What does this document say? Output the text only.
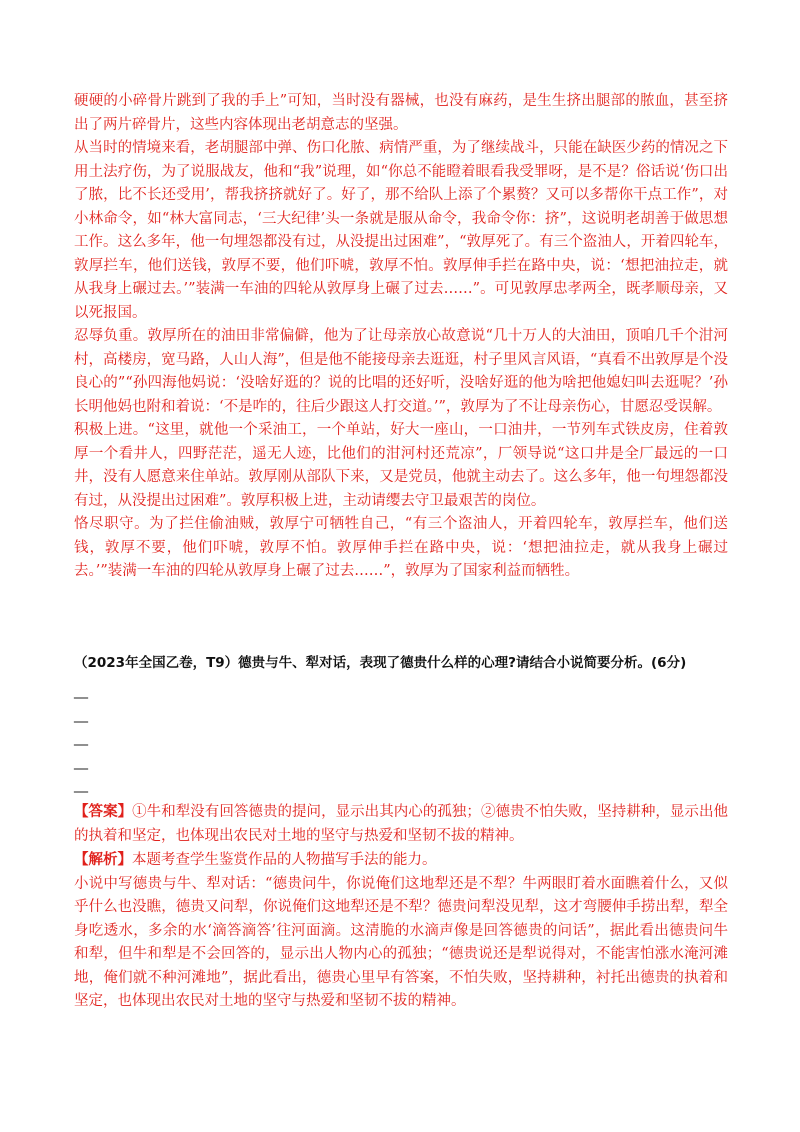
硬硬的小碎骨片跳到了我的手上”可知，当时没有器械，也没有麻药，是生生挤出腿部的脓血，甚至挤出了两片碎骨片，这些内容体现出老胡意志的坚强。

从当时的情境来看，老胡腿部中弹、伤口化脓、病情严重，为了继续战斗，只能在缺医少药的情况之下用土法疗伤，为了说服战友，他和“我”说理，如“你总不能瞪着眼看我受罪呀，是不是？俗话说‘伤口出了脓，比不长还受用’，帮我挤挤就好了。好了，那不给队上添了个累赘？又可以多帮你干点工作”，对小林命令，如“林大富同志，‘三大纪律’头一条就是服从命令，我命令你：挤”，这说明老胡善于做思想工作。这么多年，他一句埋怨都没有过，从没提出过困难”，“敦厚死了。有三个盗油人，开着四轮车，敦厚拦车，他们送钱，敦厚不要，他们吓唬，敦厚不怕。敦厚伸手拦在路中央，说：‘想把油拉走，就从我身上碾过去。’”装满一车油的四轮从敦厚身上碾了过去……”。可见敦厚忠孝两全，既孝顺母亲，又以死报国。

忍辱负重。敦厚所在的油田非常偏僻，他为了让母亲放心故意说“几十万人的大油田，顶咱几千个泔河村，高楼房，宽马路，人山人海”，但是他不能接母亲去逛逛，村子里风言风语，“真看不出敦厚是个没良心的”“孙四海他妈说：‘没啥好逛的？说的比唱的还好听，没啥好逛的他为啥把他媳妇叫去逛呢？’孙长明他妈也附和着说：‘不是咋的，往后少跟这人打交道。’”，敦厚为了不让母亲伤心，甘愿忍受误解。

积极上进。“这里，就他一个采油工，一个单站，好大一座山，一口油井，一节列车式铁皮房，住着敦厚一个看井人，四野茫茫，遥无人迹，比他们的泔河村还荒凉”，厂领导说“这口井是全厂最远的一口井，没有人愿意来住单站。敦厚刚从部队下来，又是党员，他就主动去了。这么多年，他一句埋怨都没有过，从没提出过困难”。敦厚积极上进，主动请缨去守卫最艰苦的岗位。

恪尽职守。为了拦住偷油贼，敦厚宁可牺牲自己，“有三个盗油人，开着四轮车，敦厚拦车，他们送钱，敦厚不要，他们吓唬，敦厚不怕。敦厚伸手拦在路中央，说：‘想把油拉走，就从我身上碾过去。’”装满一车油的四轮从敦厚身上碾了过去……”，敦厚为了国家利益而牺牲。

（2023年全国乙卷，T9）德贵与牛、犁对话，表现了德贵什么样的心理?请结合小说简要分析。(6分)
__
__
__
__
__

【答案】①牛和犁没有回答德贵的提问，显示出其内心的孤独；②德贵不怕失败，坚持耕种，显示出他的执着和坚定，也体现出农民对土地的坚守与热爱和坚韧不拔的精神。

【解析】本题考查学生鉴赏作品的人物描写手法的能力。

小说中写德贵与牛、犁对话：“德贵问牛，你说俺们这地犁还是不犁？牛两眼盯着水面瞧着什么，又似乎什么也没瞧，德贵又问犁，你说俺们这地犁还是不犁？德贵问犁没见犁，这才弯腰伸手捞出犁，犁全身吃透水，多余的水‘滴答滴答’往河面滴。这清脆的水滴声像是回答德贵的问话”，据此看出德贵问牛和犁，但牛和犁是不会回答的，显示出人物内心的孤独；“德贵说还是犁说得对，不能害怕涨水淹河滩地，俺们就不种河滩地”，据此看出，德贵心里早有答案，不怕失败，坚持耕种，衬托出德贵的执着和坚定，也体现出农民对土地的坚守与热爱和坚韧不拔的精神。
